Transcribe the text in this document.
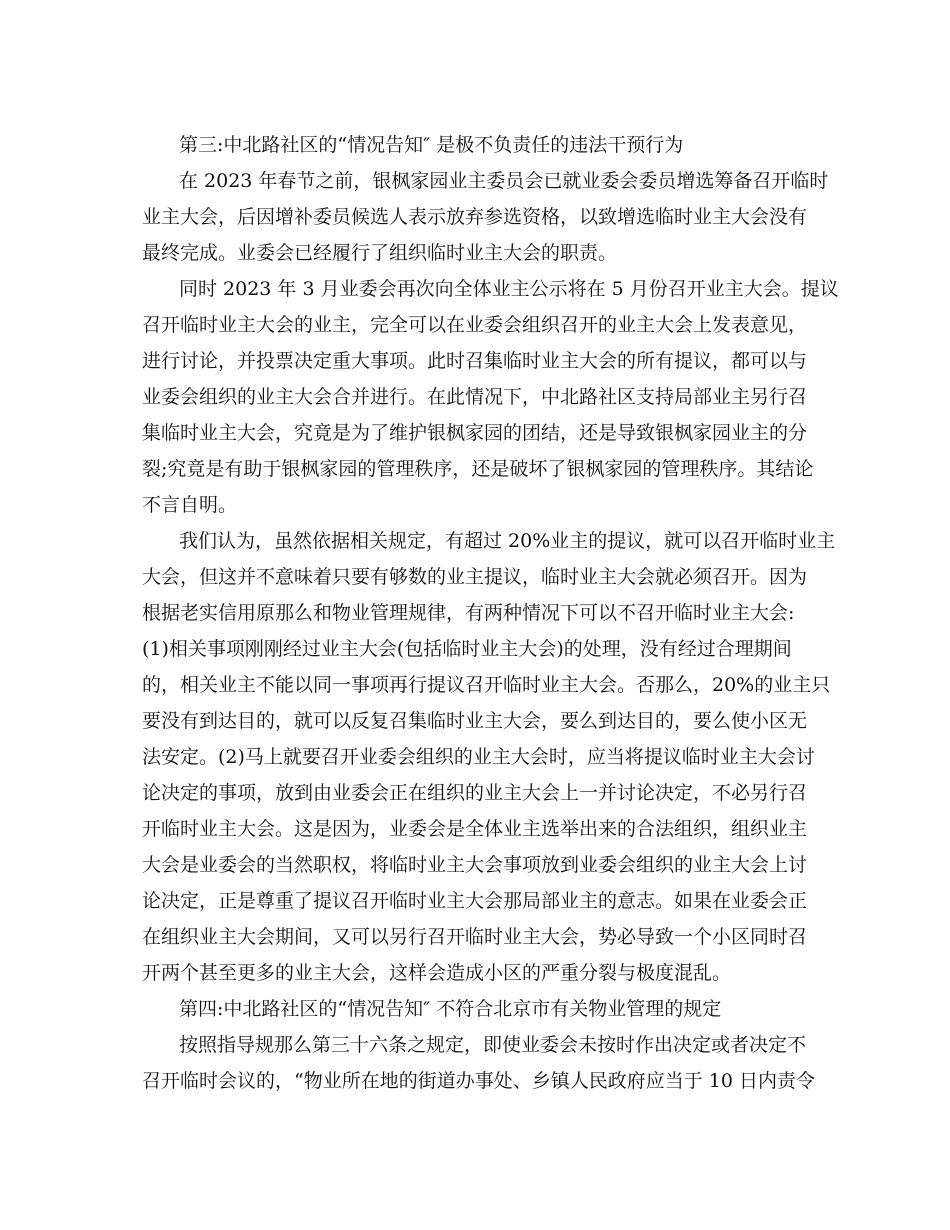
第三:中北路社区的“情况告知″ 是极不负责任的违法干预行为
在 2023 年春节之前，银枫家园业主委员会已就业委会委员增选筹备召开临时
业主大会，后因增补委员候选人表示放弃参选资格，以致增选临时业主大会没有
最终完成。业委会已经履行了组织临时业主大会的职责。
同时 2023 年 3 月业委会再次向全体业主公示将在 5 月份召开业主大会。提议
召开临时业主大会的业主，完全可以在业委会组织召开的业主大会上发表意见，
进行讨论，并投票决定重大事项。此时召集临时业主大会的所有提议，都可以与
业委会组织的业主大会合并进行。在此情况下，中北路社区支持局部业主另行召
集临时业主大会，究竟是为了维护银枫家园的团结，还是导致银枫家园业主的分
裂;究竟是有助于银枫家园的管理秩序，还是破坏了银枫家园的管理秩序。其结论
不言自明。
我们认为，虽然依据相关规定，有超过 20%业主的提议，就可以召开临时业主
大会，但这并不意味着只要有够数的业主提议，临时业主大会就必须召开。因为
根据老实信用原那么和物业管理规律，有两种情况下可以不召开临时业主大会:
(1)相关事项刚刚经过业主大会(包括临时业主大会)的处理，没有经过合理期间
的，相关业主不能以同一事项再行提议召开临时业主大会。否那么，20%的业主只
要没有到达目的，就可以反复召集临时业主大会，要么到达目的，要么使小区无
法安定。(2)马上就要召开业委会组织的业主大会时，应当将提议临时业主大会讨
论决定的事项，放到由业委会正在组织的业主大会上一并讨论决定，不必另行召
开临时业主大会。这是因为，业委会是全体业主选举出来的合法组织，组织业主
大会是业委会的当然职权，将临时业主大会事项放到业委会组织的业主大会上讨
论决定，正是尊重了提议召开临时业主大会那局部业主的意志。如果在业委会正
在组织业主大会期间，又可以另行召开临时业主大会，势必导致一个小区同时召
开两个甚至更多的业主大会，这样会造成小区的严重分裂与极度混乱。
第四:中北路社区的“情况告知″ 不符合北京市有关物业管理的规定
按照指导规那么第三十六条之规定，即使业委会未按时作出决定或者决定不
召开临时会议的，“物业所在地的街道办事处、乡镇人民政府应当于 10 日内责令
